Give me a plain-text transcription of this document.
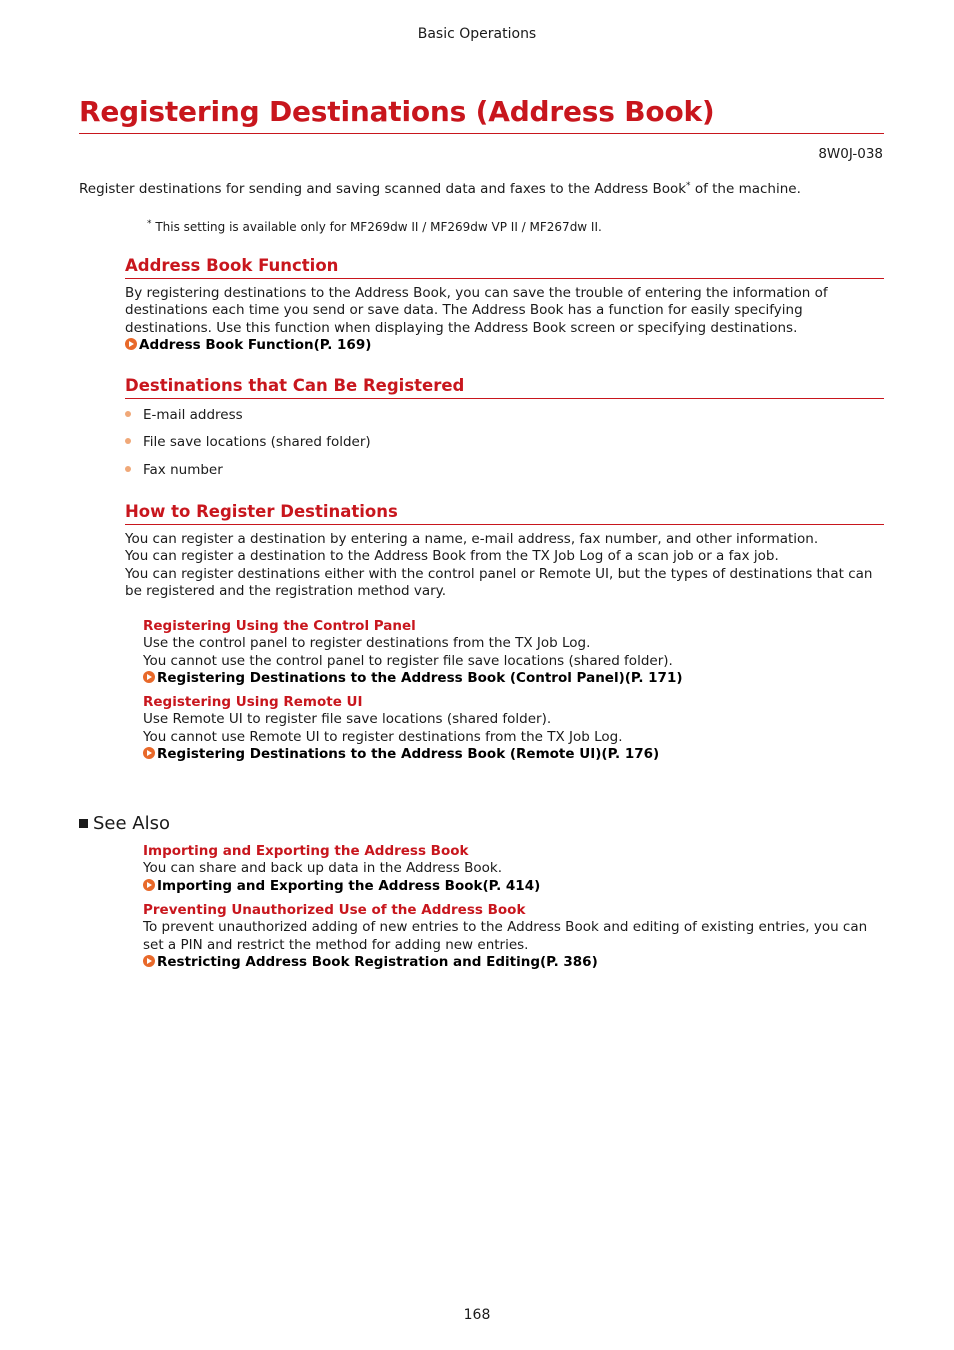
Basic Operations
Registering Destinations (Address Book)
8W0J-038
Register destinations for sending and saving scanned data and faxes to the Address Book* of the machine.
* This setting is available only for MF269dw II / MF269dw VP II / MF267dw II.
Address Book Function
By registering destinations to the Address Book, you can save the trouble of entering the information of destinations each time you send or save data. The Address Book has a function for easily specifying destinations. Use this function when displaying the Address Book screen or specifying destinations.
Address Book Function(P. 169)
Destinations that Can Be Registered
E-mail address
File save locations (shared folder)
Fax number
How to Register Destinations
You can register a destination by entering a name, e-mail address, fax number, and other information.
You can register a destination to the Address Book from the TX Job Log of a scan job or a fax job.
You can register destinations either with the control panel or Remote UI, but the types of destinations that can be registered and the registration method vary.
Registering Using the Control Panel
Use the control panel to register destinations from the TX Job Log.
You cannot use the control panel to register file save locations (shared folder).
Registering Destinations to the Address Book (Control Panel)(P. 171)
Registering Using Remote UI
Use Remote UI to register file save locations (shared folder).
You cannot use Remote UI to register destinations from the TX Job Log.
Registering Destinations to the Address Book (Remote UI)(P. 176)
See Also
Importing and Exporting the Address Book
You can share and back up data in the Address Book.
Importing and Exporting the Address Book(P. 414)
Preventing Unauthorized Use of the Address Book
To prevent unauthorized adding of new entries to the Address Book and editing of existing entries, you can set a PIN and restrict the method for adding new entries.
Restricting Address Book Registration and Editing(P. 386)
168
